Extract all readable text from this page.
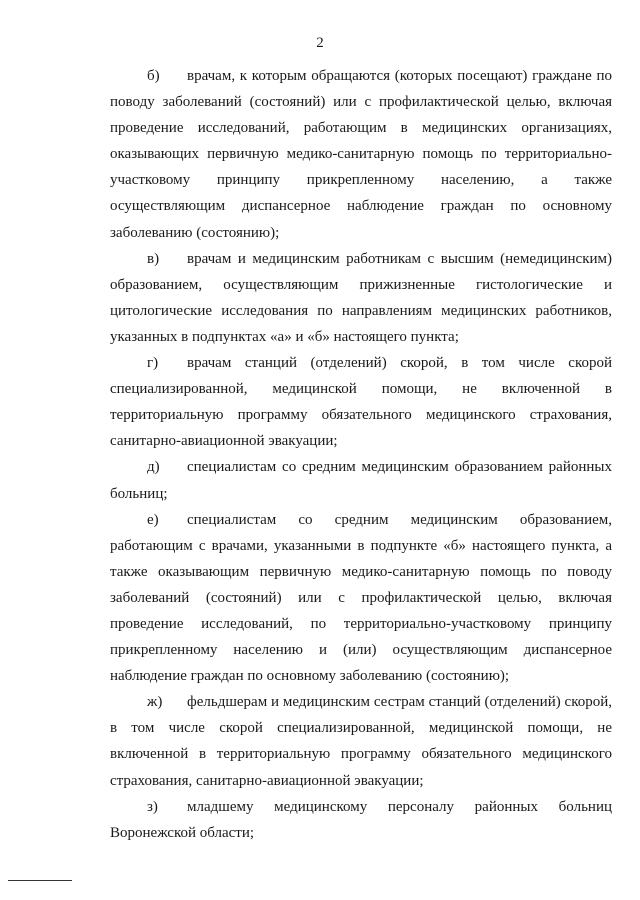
2

б) врачам, к которым обращаются (которых посещают) граждане по поводу заболеваний (состояний) или с профилактической целью, включая проведение исследований, работающим в медицинских организациях, оказывающих первичную медико-санитарную помощь по территориально-участковому принципу прикрепленному населению, а также осуществляющим диспансерное наблюдение граждан по основному заболеванию (состоянию);

в) врачам и медицинским работникам с высшим (немедицинским) образованием, осуществляющим прижизненные гистологические и цитологические исследования по направлениям медицинских работников, указанных в подпунктах «а» и «б» настоящего пункта;

г) врачам станций (отделений) скорой, в том числе скорой специализированной, медицинской помощи, не включенной в территориальную программу обязательного медицинского страхования, санитарно-авиационной эвакуации;

д) специалистам со средним медицинским образованием районных больниц;

е) специалистам со средним медицинским образованием, работающим с врачами, указанными в подпункте «б» настоящего пункта, а также оказывающим первичную медико-санитарную помощь по поводу заболеваний (состояний) или с профилактической целью, включая проведение исследований, по территориально-участковому принципу прикрепленному населению и (или) осуществляющим диспансерное наблюдение граждан по основному заболеванию (состоянию);

ж) фельдшерам и медицинским сестрам станций (отделений) скорой, в том числе скорой специализированной, медицинской помощи, не включенной в территориальную программу обязательного медицинского страхования, санитарно-авиационной эвакуации;

з) младшему медицинскому персоналу районных больниц Воронежской области;
